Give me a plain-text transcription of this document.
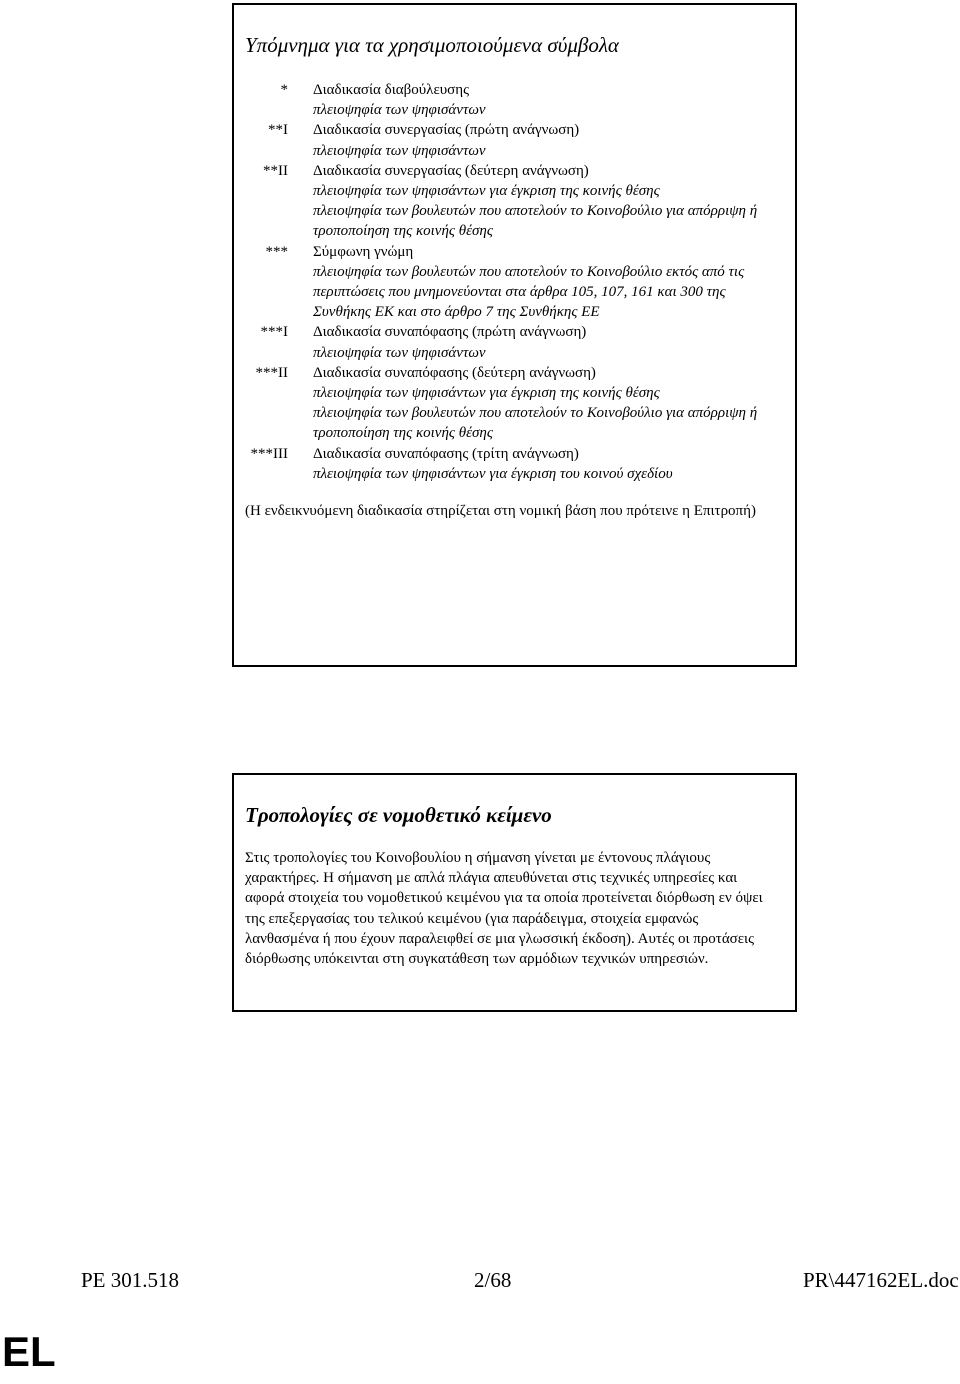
Υπόμνημα για τα χρησιμοποιούμενα σύμβολα
*	Διαδικασία διαβούλευσης
πλειοψηφία των ψηφισάντων

**I	Διαδικασία συνεργασίας (πρώτη ανάγνωση)
πλειοψηφία των ψηφισάντων

**II	Διαδικασία συνεργασίας (δεύτερη ανάγνωση)
πλειοψηφία των ψηφισάντων για έγκριση της κοινής θέσης
πλειοψηφία των βουλευτών που αποτελούν το Κοινοβούλιο για απόρριψη ή τροποποίηση της κοινής θέσης

***	Σύμφωνη γνώμη
πλειοψηφία των βουλευτών που αποτελούν το Κοινοβούλιο εκτός από τις περιπτώσεις που μνημονεύονται στα άρθρα 105, 107, 161 και 300 της Συνθήκης ΕΚ και στο άρθρο 7 της Συνθήκης ΕΕ

***I	Διαδικασία συναπόφασης (πρώτη ανάγνωση)
πλειοψηφία των ψηφισάντων

***II	Διαδικασία συναπόφασης (δεύτερη ανάγνωση)
πλειοψηφία των ψηφισάντων για έγκριση της κοινής θέσης
πλειοψηφία των βουλευτών που αποτελούν το Κοινοβούλιο για απόρριψη ή τροποποίηση της κοινής θέσης

***III	Διαδικασία συναπόφασης (τρίτη ανάγνωση)
πλειοψηφία των ψηφισάντων για έγκριση του κοινού σχεδίου

(Η ενδεικνυόμενη διαδικασία στηρίζεται στη νομική βάση που πρότεινε η Επιτροπή)

Τροπολογίες σε νομοθετικό κείμενο

Στις τροπολογίες του Κοινοβουλίου η σήμανση γίνεται με έντονους πλάγιους χαρακτήρες. Η σήμανση με απλά πλάγια απευθύνεται στις τεχνικές υπηρεσίες και αφορά στοιχεία του νομοθετικού κειμένου για τα οποία προτείνεται διόρθωση εν όψει της επεξεργασίας του τελικού κειμένου (για παράδειγμα, στοιχεία εμφανώς λανθασμένα ή που έχουν παραλειφθεί σε μια γλωσσική έκδοση). Αυτές οι προτάσεις διόρθωσης υπόκεινται στη συγκατάθεση των αρμόδιων τεχνικών υπηρεσιών.

PE 301.518	2/68	PR\447162EL.doc
EL
